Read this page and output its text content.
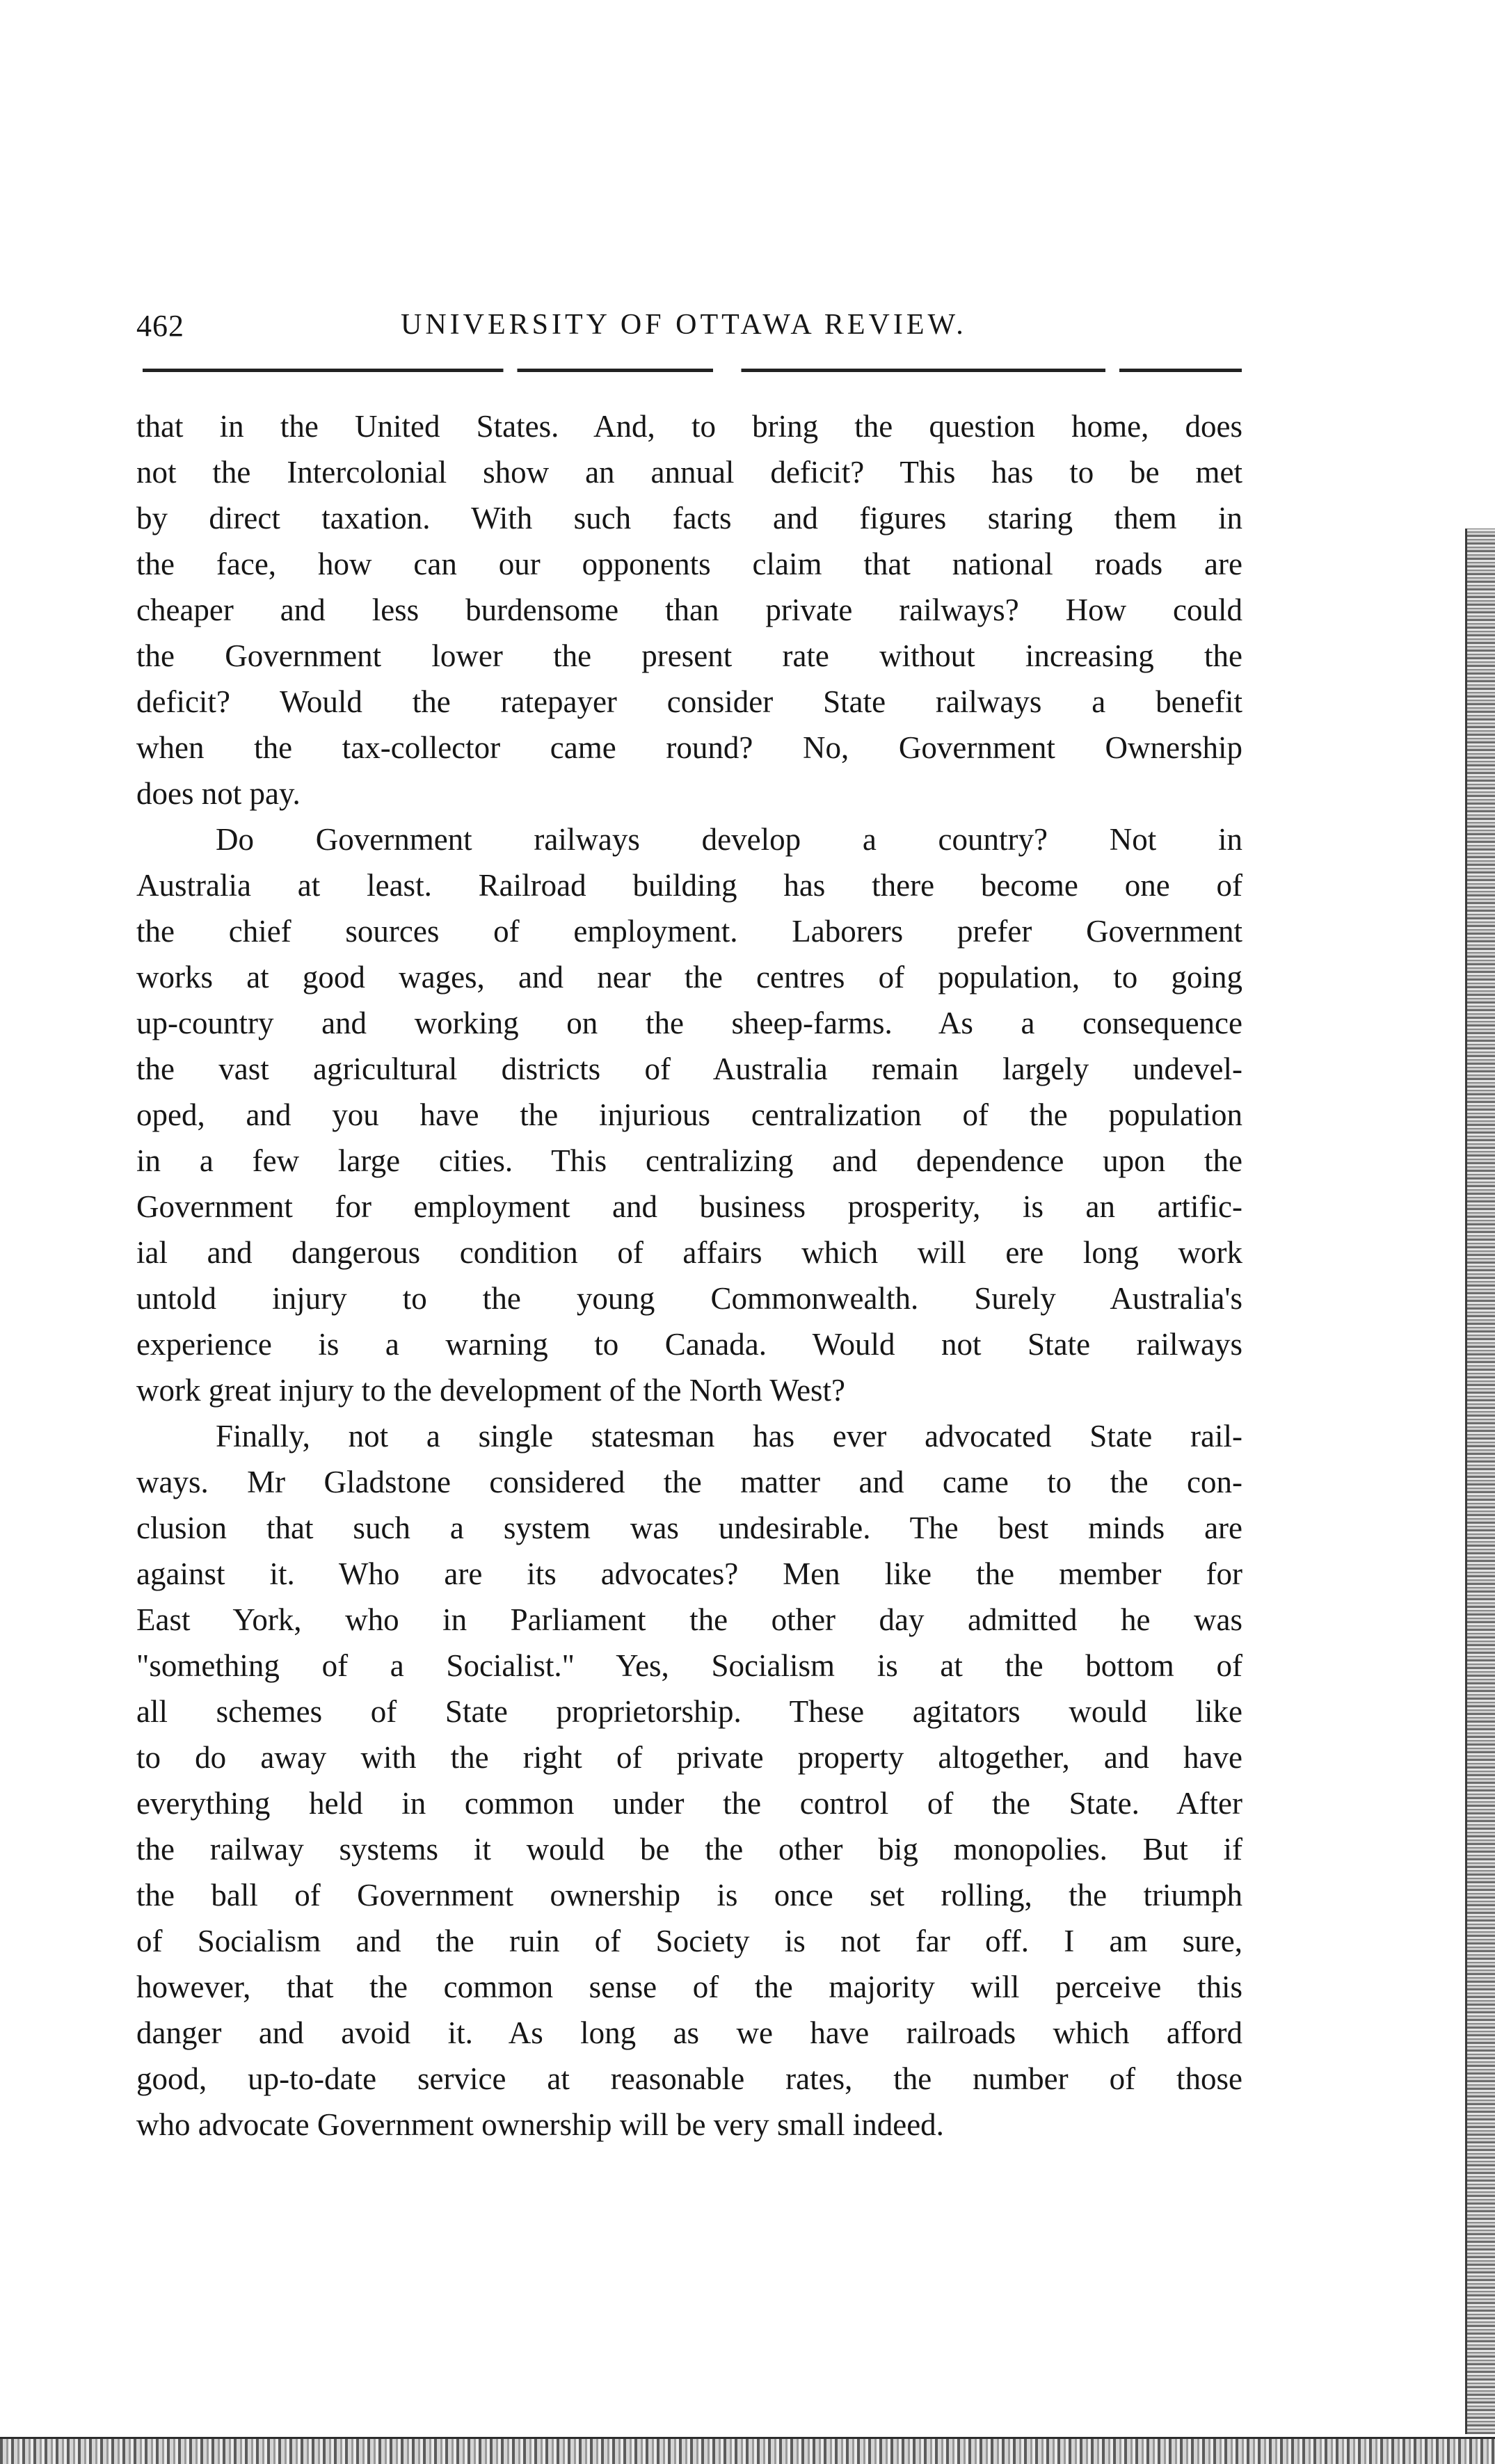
462	UNIVERSITY OF OTTAWA REVIEW.
that in the United States. And, to bring the question home, does
not the Intercolonial show an annual deficit? This has to be met
by direct taxation. With such facts and figures staring them in
the face, how can our opponents claim that national roads are
cheaper and less burdensome than private railways? How could
the Government lower the present rate without increasing the
deficit? Would the ratepayer consider State railways a benefit
when the tax-collector came round? No, Government Ownership
does not pay.
Do Government railways develop a country? Not in
Australia at least. Railroad building has there become one of
the chief sources of employment. Laborers prefer Government
works at good wages, and near the centres of population, to going
up-country and working on the sheep-farms. As a consequence
the vast agricultural districts of Australia remain largely undevel-
oped, and you have the injurious centralization of the population
in a few large cities. This centralizing and dependence upon the
Government for employment and business prosperity, is an artific-
ial and dangerous condition of affairs which will ere long work
untold injury to the young Commonwealth. Surely Australia's
experience is a warning to Canada. Would not State railways
work great injury to the development of the North West?
Finally, not a single statesman has ever advocated State rail-
ways. Mr Gladstone considered the matter and came to the con-
clusion that such a system was undesirable. The best minds are
against it. Who are its advocates? Men like the member for
East York, who in Parliament the other day admitted he was
"something of a Socialist." Yes, Socialism is at the bottom of
all schemes of State proprietorship. These agitators would like
to do away with the right of private property altogether, and have
everything held in common under the control of the State. After
the railway systems it would be the other big monopolies. But if
the ball of Government ownership is once set rolling, the triumph
of Socialism and the ruin of Society is not far off. I am sure,
however, that the common sense of the majority will perceive this
danger and avoid it. As long as we have railroads which afford
good, up-to-date service at reasonable rates, the number of those
who advocate Government ownership will be very small indeed.
